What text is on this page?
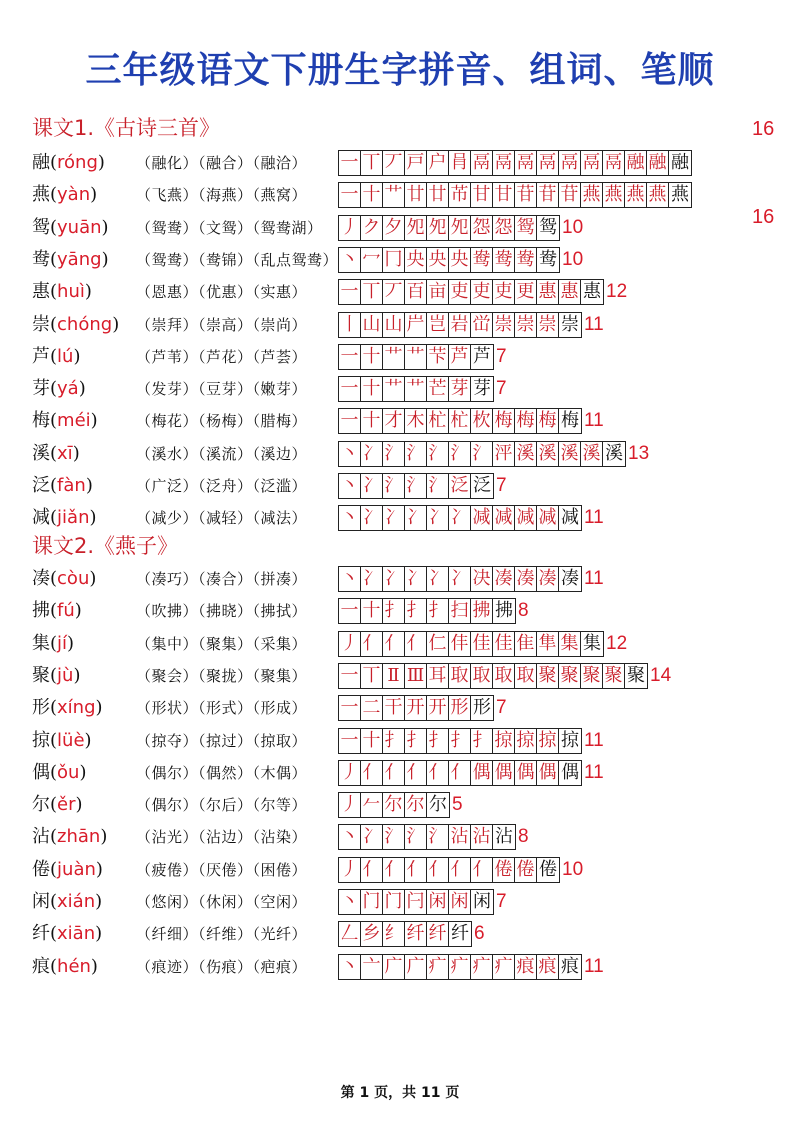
三年级语文下册生字拼音、组词、笔顺
课文1.《古诗三首》
融(róng) （融化）（融合）（融洽） 一 丅 丆 戸 户 肙 鬲 鬲 鬲 鬲 鬲 鬲 鬲 融 融 融
16
燕(yàn)	（飞燕）（海燕）（燕窝） 一 十 艹 廿 廿 芇 甘 甘 苷 苷 苷 燕 燕 燕 燕 燕
16
鸳(yuān) （鸳鸯）（文鸳）（鸳鸯湖） 丿 ク 夕 夗 夗 夗 怨 怨 鸳 鸳 10
鸯(yāng) （鸳鸯）（鸯锦）（乱点鸳鸯） 丶 冖 冂 央 央 央 鸯 鸯 鸯 鸯 10
惠(huì)	（恩惠）（优惠）（实惠） 一 丅 丆 百 亩 吏 吏 吏 更 惠 惠 惠 12
崇(chóng) （崇拜）（崇高）（崇尚） 丨 山 山 屵 岂 岩 峃 崇 崇 崇 崇 11
芦(lú)	（芦苇）（芦花）（芦荟） 一 十 艹 艹 芐 芦 芦 7
芽(yá)	（发芽）（豆芽）（嫩芽） 一 十 艹 艹 芒 芽 芽 7
梅(méi)	（梅花）（杨梅）（腊梅） 一 十 才 木 杧 杧 杴 梅 梅 梅 梅 11
溪(xī)	（溪水）（溪流）（溪边） 丶 冫 氵 氵 氵 氵 氵 泙 溪 溪 溪 溪 溪 13
泛(fàn)	（广泛）（泛舟）（泛滥） 丶 冫 氵 氵 氵 泛 泛 7
减(jiǎn)	（减少）（减轻）（减法） 丶 冫 冫 冫 冫 冫 减 减 减 减 减 11
课文2.《燕子》
凑(còu)	（凑巧）（凑合）（拼凑） 丶 冫 冫 冫 冫 冫 决 凑 凑 凑 凑 11
拂(fú)	（吹拂）（拂晓）（拂拭） 一 十 扌 扌 扌 扫 拂 拂 8
集(jí)	（集中）（聚集）（采集） 丿 亻 亻 亻 仁 仹 佳 佳 隹 隼 集 集 12
聚(jù)	（聚会）（聚拢）（聚集） 一 丅 Ⅱ Ⅲ 耳 取 取 取 取 聚 聚 聚 聚 聚 14
形(xíng) （形状）（形式）（形成） 一 二 干 开 开 形 形 7
掠(lüè)	（掠夺）（掠过）（掠取） 一 十 扌 扌 扌 扌 扌 掠 掠 掠 掠 11
偶(ǒu)	（偶尔）（偶然）（木偶） 丿 亻 亻 亻 亻 亻 偶 偶 偶 偶 偶 11
尔(ěr)	（偶尔）（尔后）（尔等） 丿 𠂉 尔 尔 尔 5
沾(zhān) （沾光）（沾边）（沾染） 丶 冫 氵 氵 氵 沾 沾 沾 8
倦(juàn) （疲倦）（厌倦）（困倦） 丿 亻 亻 亻 亻 亻 亻 倦 倦 倦 10
闲(xián) （悠闲）（休闲）（空闲） 丶 门 门 闩 闲 闲 闲 7
纤(xiān) （纤细）（纤维）（光纤） 𠃋 乡 纟 纤 纤 纤 6
痕(hén)	（痕迹）（伤痕）（疤痕） 丶 亠 广 广 疒 疒 疒 疒 痕 痕 痕 11
第 1 页，共 11 页
